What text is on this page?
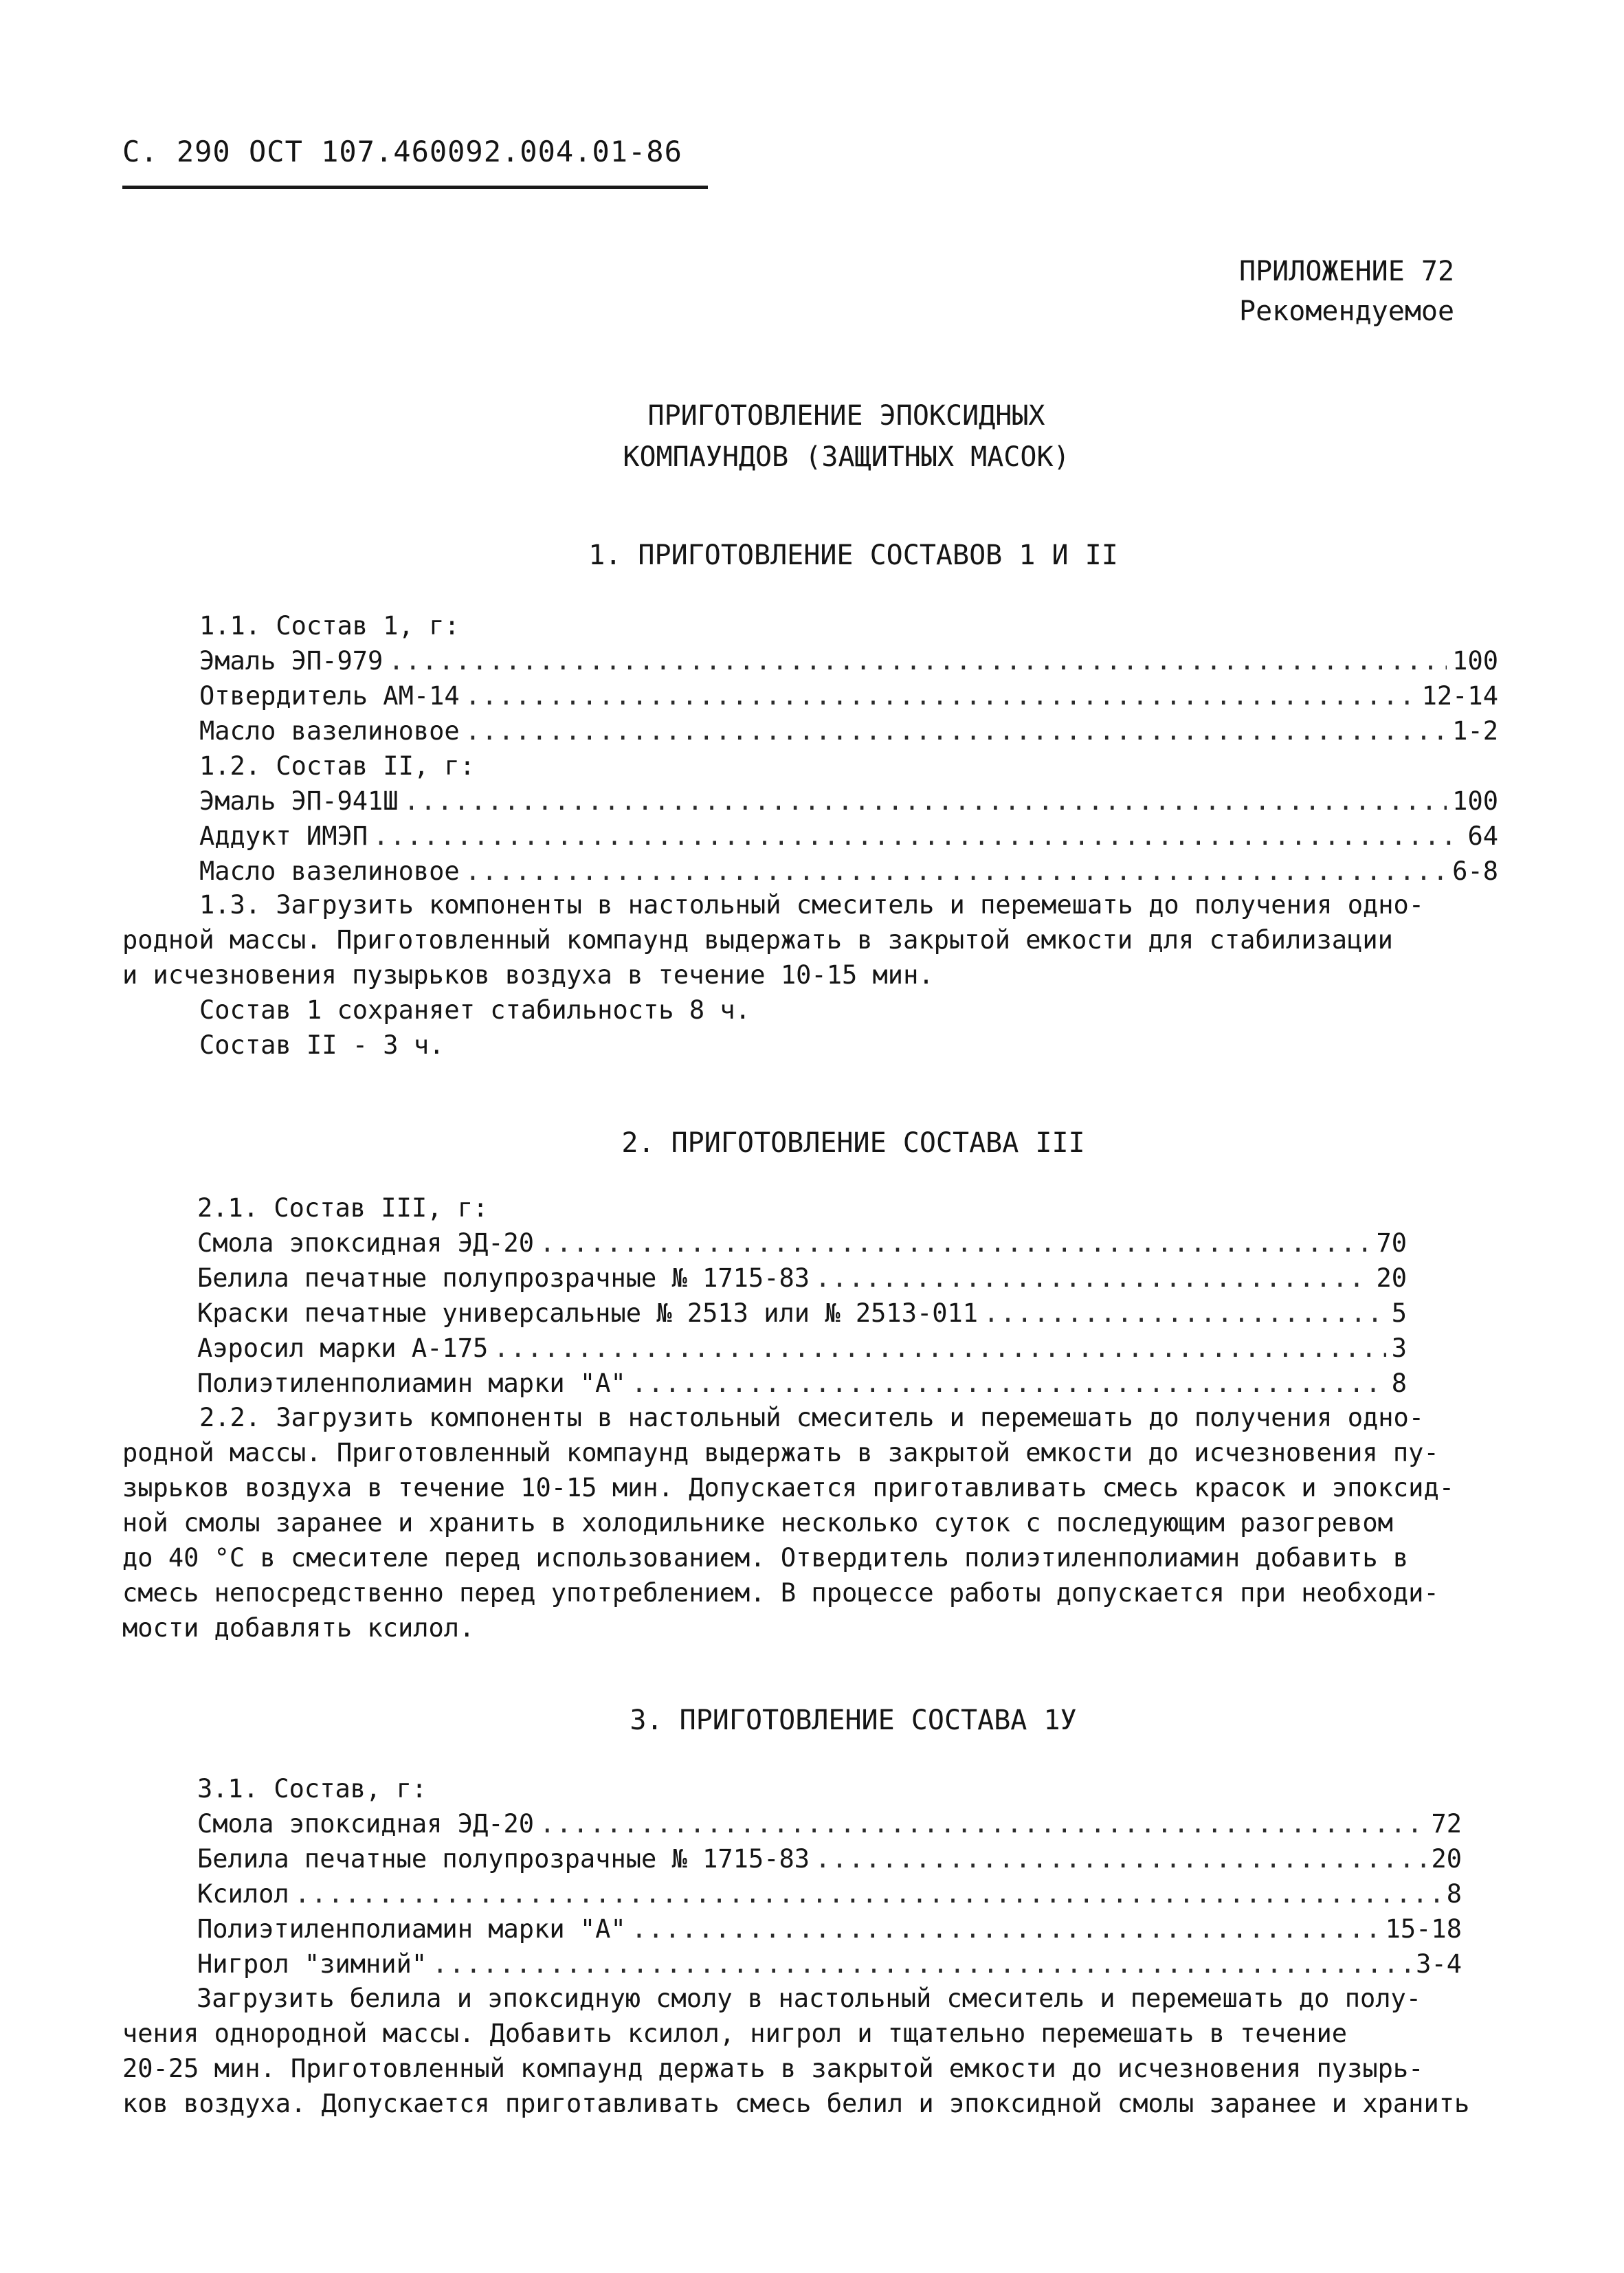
С. 290 ОСТ 107.460092.004.01-86
ПРИЛОЖЕНИЕ 72
Рекомендуемое
ПРИГОТОВЛЕНИЕ ЭПОКСИДНЫХ
КОМПАУНДОВ (ЗАЩИТНЫХ МАСОК)
1. ПРИГОТОВЛЕНИЕ СОСТАВОВ 1 И II
1.1. Состав 1, г:
Эмаль ЭП-979 .....	100
Отвердитель АМ-14 .....	12-14
Масло вазелиновое .....	1-2
1.2. Состав II, г:
Эмаль ЭП-941Ш .....	100
Аддукт ИМЭП .....	64
Масло вазелиновое .....	6-8
1.3. Загрузить компоненты в настольный смеситель и перемешать до получения одно-
родной массы. Приготовленный компаунд выдержать в закрытой емкости для стабилизации
и исчезновения пузырьков воздуха в течение 10-15 мин.
Состав 1 сохраняет стабильность 8 ч.
Состав II - 3 ч.
2. ПРИГОТОВЛЕНИЕ СОСТАВА III
2.1. Состав III, г:
Смола эпоксидная ЭД-20 .....	70
Белила печатные полупрозрачные № 1715-83 .....	20
Краски печатные универсальные № 2513 или № 2513-011 .....	5
Аэросил марки А-175 .....	3
Полиэтиленполиамин марки "А" .....	8
2.2. Загрузить компоненты в настольный смеситель и перемешать до получения одно-
родной массы. Приготовленный компаунд выдержать в закрытой емкости до исчезновения пу-
зырьков воздуха в течение 10-15 мин. Допускается приготавливать смесь красок и эпоксид-
ной смолы заранее и хранить в холодильнике несколько суток с последующим разогревом
до 40 °С в смесителе перед использованием. Отвердитель полиэтиленполиамин добавить в
смесь непосредственно перед употреблением. В процессе работы допускается при необходи-
мости добавлять ксилол.
3. ПРИГОТОВЛЕНИЕ СОСТАВА 1У
3.1. Состав, г:
Смола эпоксидная ЭД-20 .....	72
Белила печатные полупрозрачные № 1715-83 .....	20
Ксилол .....	8
Полиэтиленполиамин марки "А" .....	15-18
Нигрол "зимний" .....	3-4
Загрузить белила и эпоксидную смолу в настольный смеситель и перемешать до полу-
чения однородной массы. Добавить ксилол, нигрол и тщательно перемешать в течение
20-25 мин. Приготовленный компаунд держать в закрытой емкости до исчезновения пузырь-
ков воздуха. Допускается приготавливать смесь белил и эпоксидной смолы заранее и хранить
